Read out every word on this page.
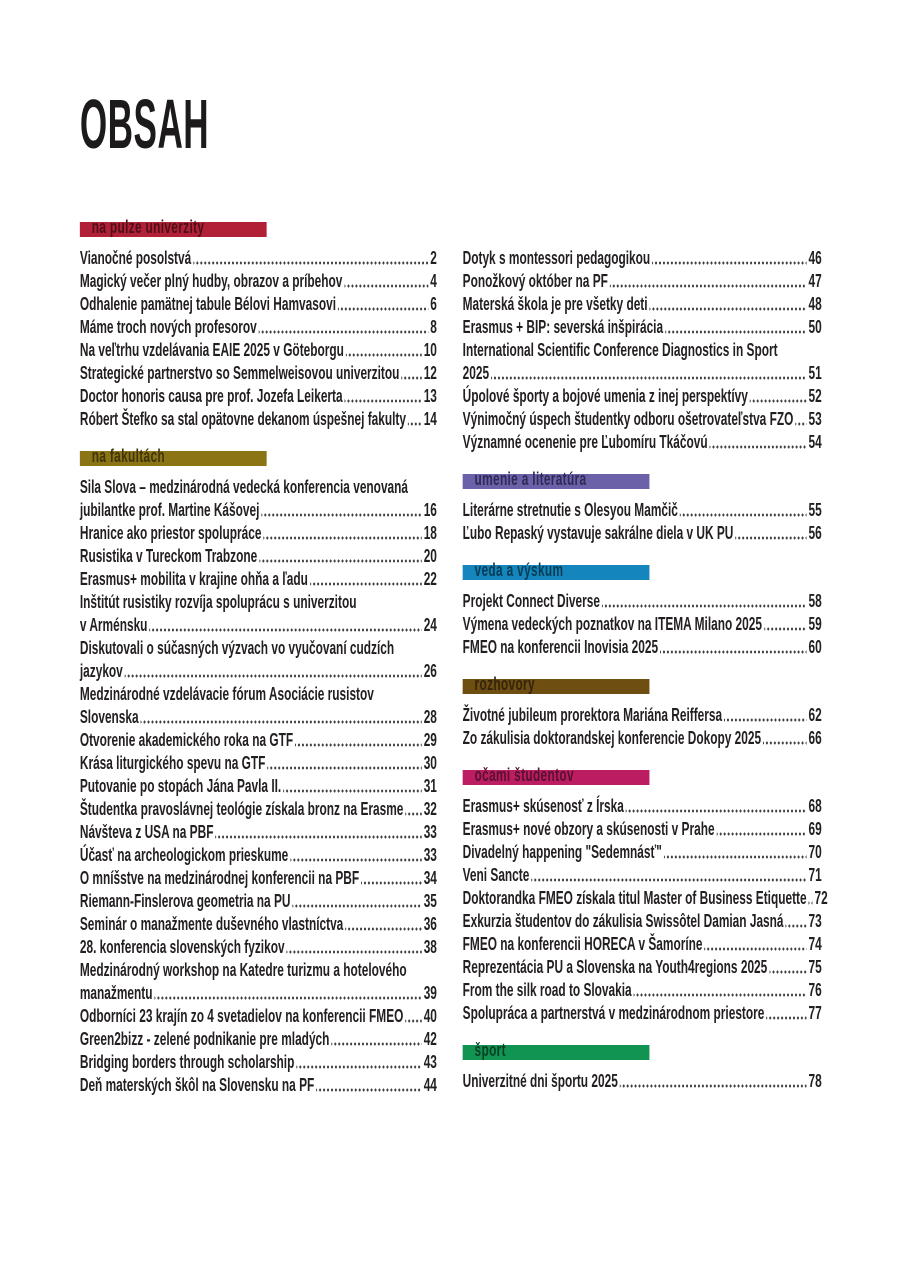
OBSAH
na pulze univerzity
Vianočné posolstvá	2
Magický večer plný hudby, obrazov a príbehov	4
Odhalenie pamätnej tabule Bélovi Hamvasovi	6
Máme troch nových profesorov	8
Na veľtrhu vzdelávania EAIE 2025 v Göteborgu	10
Strategické partnerstvo so Semmelweisovou univerzitou 12
Doctor honoris causa pre prof. Jozefa Leikerta	13
Róbert Štefko sa stal opätovne dekanom úspešnej fakulty 14
na fakultách
Sila Slova – medzinárodná vedecká konferencia venovaná
jubilantke prof. Martine Kášovej	16
Hranice ako priestor spolupráce	18
Rusistika v Tureckom Trabzone	20
Erasmus+ mobilita v krajine ohňa a ľadu	22
Inštitút rusistiky rozvíja spoluprácu s univerzitou
v Arménsku	24
Diskutovali o súčasných výzvach vo vyučovaní cudzích
jazykov	26
Medzinárodné vzdelávacie fórum Asociácie rusistov
Slovenska	28
Otvorenie akademického roka na GTF	29
Krása liturgického spevu na GTF	30
Putovanie po stopách Jána Pavla II.	31
Študentka pravoslávnej teológie získala bronz na Erasme 32
Návšteva z USA na PBF	33
Účasť na archeologickom prieskume	33
O mníšstve na medzinárodnej konferencii na PBF	34
Riemann-Finslerova geometria na PU	35
Seminár o manažmente duševného vlastníctva	36
28. konferencia slovenských fyzikov	38
Medzinárodný workshop na Katedre turizmu a hotelového
manažmentu	39
Odborníci 23 krajín zo 4 svetadielov na konferencii FMEO 40
Green2bizz - zelené podnikanie pre mladých	42
Bridging borders through scholarship	43
Deň materských škôl na Slovensku na PF	44
Dotyk s montessori pedagogikou	46
Ponožkový október na PF	47
Materská škola je pre všetky deti	48
Erasmus + BIP: severská inšpirácia	50
International Scientific Conference Diagnostics in Sport
2025	51
Úpolové športy a bojové umenia z inej perspektívy	52
Výnimočný úspech študentky odboru ošetrovateľstva FZO 53
Významné ocenenie pre Ľubomíru Tkáčovú	54
umenie a literatúra
Literárne stretnutie s Olesyou Mamčič	55
Ľubo Repaský vystavuje sakrálne diela v UK PU	56
veda a výskum
Projekt Connect Diverse	58
Výmena vedeckých poznatkov na ITEMA Milano 2025	59
FMEO na konferencii Inovisia 2025	60
rozhovory
Životné jubileum prorektora Mariána Reiffersa	62
Zo zákulisia doktorandskej konferencie Dokopy 2025	66
očami študentov
Erasmus+ skúsenosť z Írska	68
Erasmus+ nové obzory a skúsenosti v Prahe	69
Divadelný happening "Sedemnásť"	70
Veni Sancte	71
Doktorandka FMEO získala titul Master of Business Etiquette 72
Exkurzia študentov do zákulisia Swissôtel Damian Jasná 73
FMEO na konferencii HORECA v Šamoríne	74
Reprezentácia PU a Slovenska na Youth4regions 2025 75
From the silk road to Slovakia	76
Spolupráca a partnerstvá v medzinárodnom priestore 77
šport
Univerzitné dni športu 2025	78
